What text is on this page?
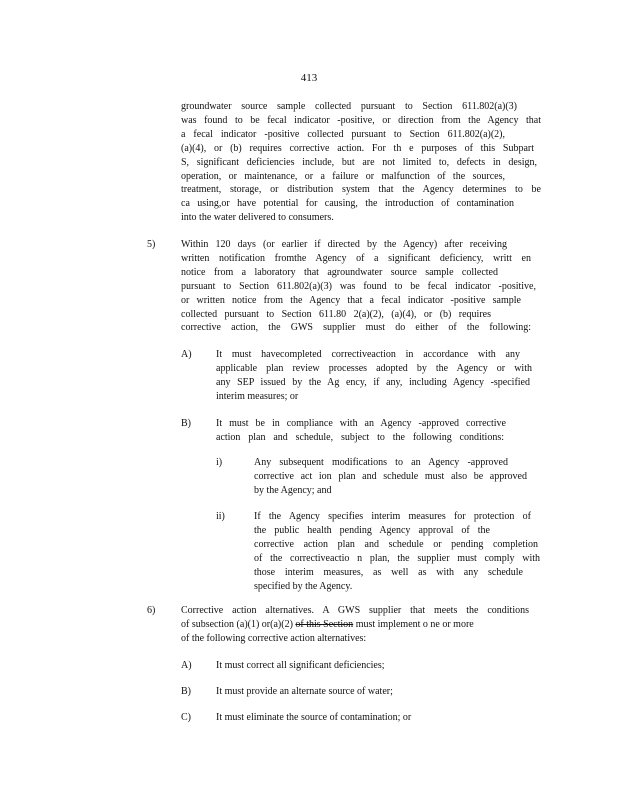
413
groundwater source sample collected pursuant to Section 611.802(a)(3)
was found to be fecal indicator -positive, or direction from the Agency that
a fecal indicator -positive collected pursuant to Section 611.802(a)(2),
(a)(4), or (b) requires corrective action. For th e purposes of this Subpart
S, significant deficiencies include, but are not limited to, defects in design,
operation, or maintenance, or a failure or malfunction of the sources,
treatment, storage, or distribution system that the Agency determines to be
ca using,or have potential for causing, the introduction of contamination
into the water delivered to consumers.
5)	Within 120 days (or earlier if directed by the Agency) after receiving
written notification fromthe Agency of a significant deficiency, writt en
notice from a laboratory that agroundwater source sample collected
pursuant to Section 611.802(a)(3) was found to be fecal indicator -positive,
or written notice from the Agency that a fecal indicator -positive sample
collected pursuant to Section 611.80 2(a)(2), (a)(4), or (b) requires
corrective action, the GWS supplier must do either of the following:
A) It must havecompleted correctiveaction in accordance with any
applicable plan review processes adopted by the Agency or with
any SEP issued by the Ag ency, if any, including Agency -specified
interim measures; or
B)	It must be in compliance with an Agency -approved corrective
action plan and schedule, subject to the following conditions:
i)	Any subsequent modifications to an Agency -approved
corrective act ion plan and schedule must also be approved
by the Agency; and
ii)	If the Agency specifies interim measures for protection of
the public health pending Agency approval of the
corrective action plan and schedule or pending completion
of the correctiveactio n plan, the supplier must comply with
those interim measures, as well as with any schedule
specified by the Agency.
6)	Corrective action alternatives. A GWS supplier that meets the conditions
of subsection (a)(1) or(a)(2) of this Section must implement o ne or more
of the following corrective action alternatives:
A) It must correct all significant deficiencies;
B)	It must provide an alternate source of water;
C)	It must eliminate the source of contamination; or
